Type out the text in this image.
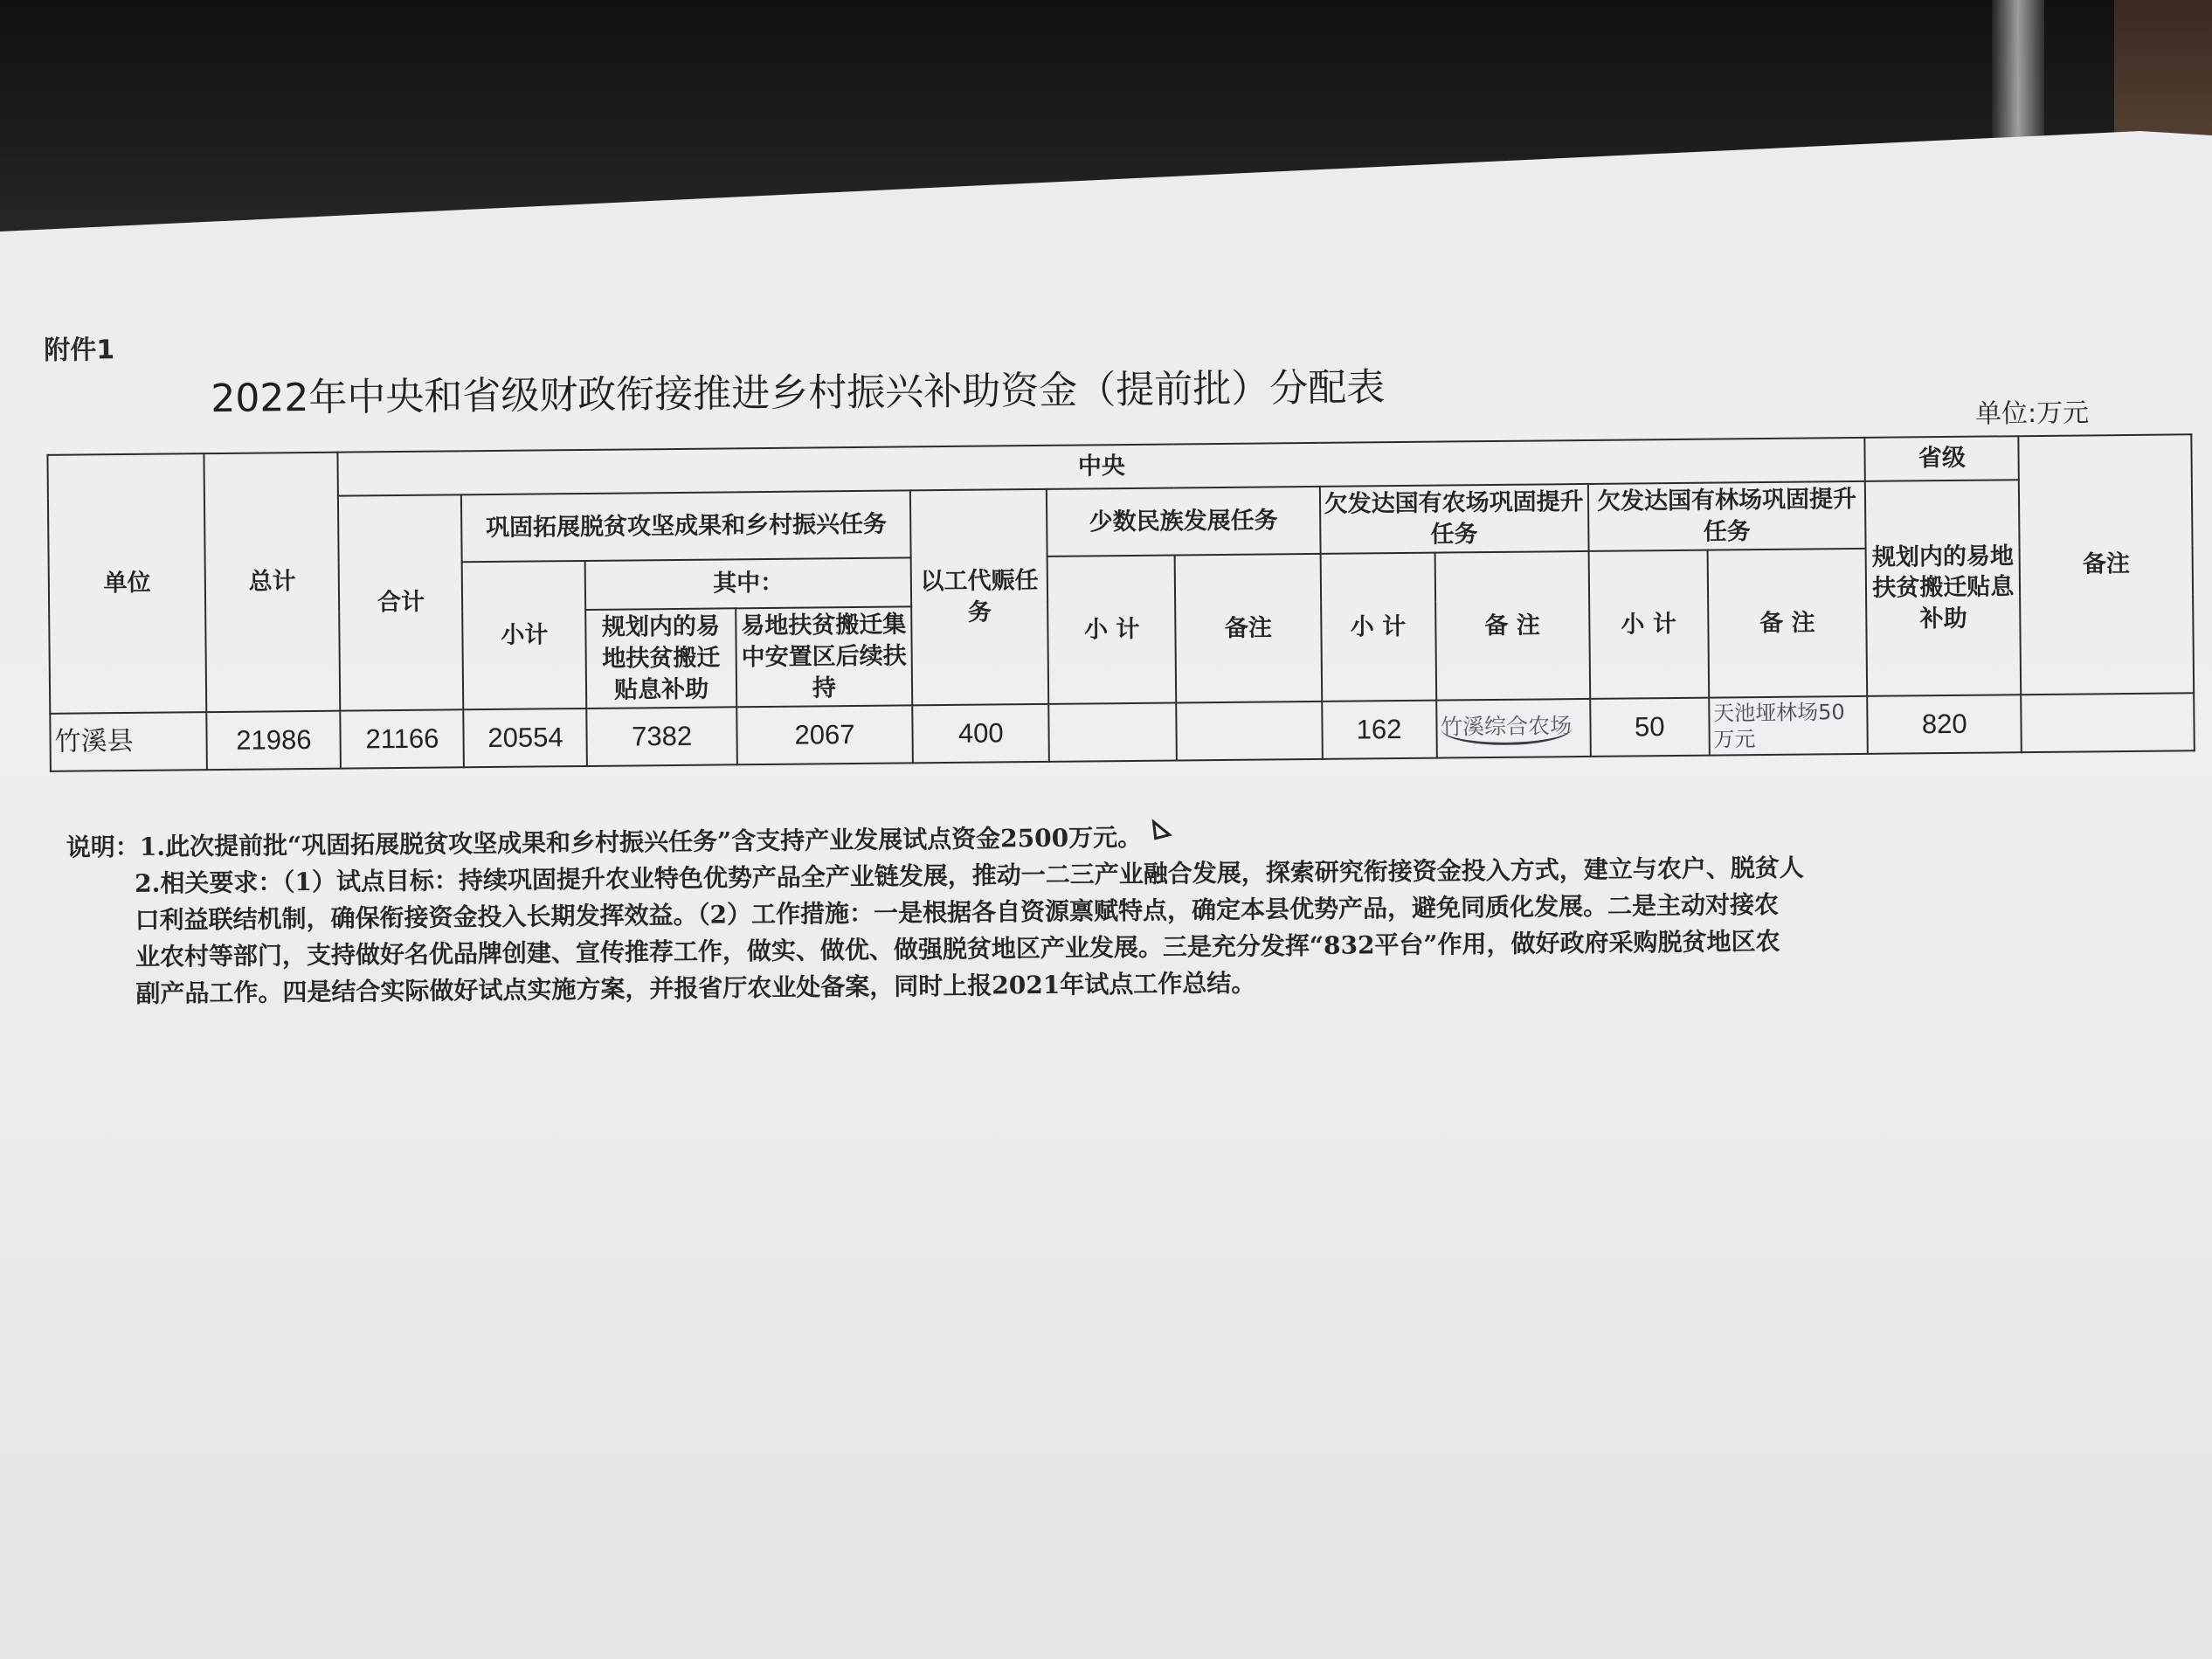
附件1
2022年中央和省级财政衔接推进乡村振兴补助资金（提前批）分配表	单位:万元
单位	总计	中央											省级	备注
		合计	巩固拓展脱贫攻坚成果和乡村振兴任务			以工代赈任务	少数民族发展任务		欠发达国有农场巩固提升任务		欠发达国有林场巩固提升任务		规划内的易地扶贫搬迁贴息补助	
			小计	其中：			小 计	备注	小 计	备 注	小 计	备 注		
				规划内的易地扶贫搬迁贴息补助	易地扶贫搬迁集中安置区后续扶持									
竹溪县	21986	21166	20554	7382	2067	400			162	竹溪综合农场	50	天池垭林场50万元	820	
说明： 1.此次提前批“巩固拓展脱贫攻坚成果和乡村振兴任务”含支持产业发展试点资金2500万元。
2.相关要求：（1）试点目标：持续巩固提升农业特色优势产品全产业链发展，推动一二三产业融合发展，探索研究衔接资金投入方式，建立与农户、脱贫人
口利益联结机制，确保衔接资金投入长期发挥效益。（2）工作措施：一是根据各自资源禀赋特点，确定本县优势产品，避免同质化发展。二是主动对接农
业农村等部门，支持做好名优品牌创建、宣传推荐工作，做实、做优、做强脱贫地区产业发展。三是充分发挥“832平台”作用，做好政府采购脱贫地区农
副产品工作。四是结合实际做好试点实施方案，并报省厅农业处备案，同时上报2021年试点工作总结。
